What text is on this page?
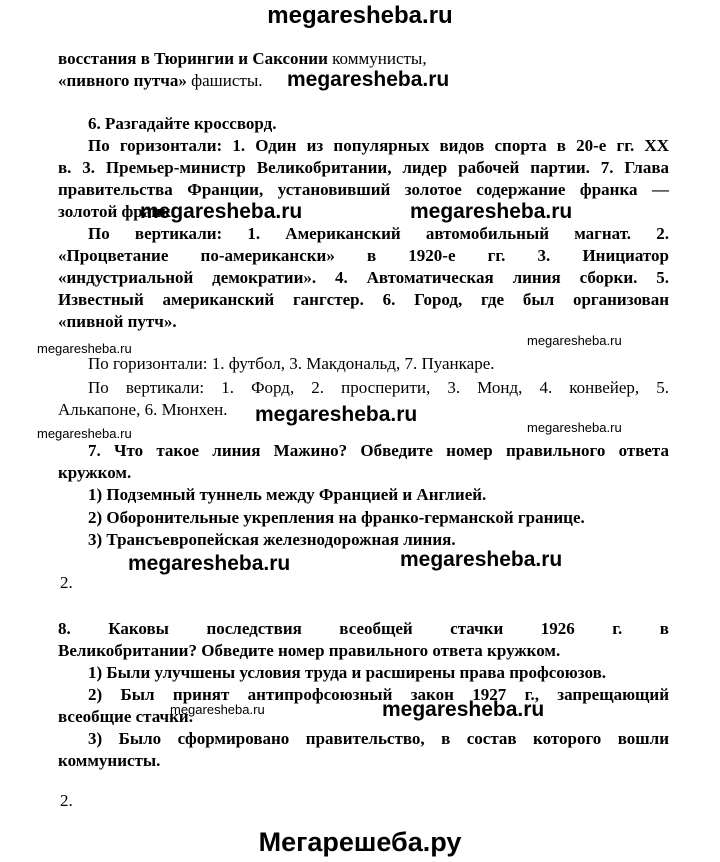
megaresheba.ru
восстания в Тюрингии и Саксонии коммунисты,
«пивного путча» фашисты. megaresheba.ru
6. Разгадайте кроссворд.
По горизонтали: 1. Один из популярных видов спорта в 20-е гг. XX
в. 3. Премьер-министр Великобритании, лидер рабочей партии. 7. Глава
правительства Франции, установивший золотое содержание франка —
золотой франк.
megaresheba.ru	megaresheba.ru
По вертикали: 1. Американский автомобильный магнат. 2.
«Процветание по-американски» в 1920-е гг. 3. Инициатор
«индустриальной демократии». 4. Автоматическая линия сборки. 5.
Известный американский гангстер. 6. Город, где был организован
«пивной путч».
megaresheba.ru
megaresheba.ru
По горизонтали: 1. футбол, 3. Макдональд, 7. Пуанкаре.
По вертикали: 1. Форд, 2. просперити, 3. Монд, 4. конвейер, 5.
Алькапоне, 6. Мюнхен.	megaresheba.ru
megaresheba.ru	megaresheba.ru
7. Что такое линия Мажино? Обведите номер правильного ответа
кружком.
1) Подземный туннель между Францией и Англией.
2) Оборонительные укрепления на франко-германской границе.
3) Трансъевропейская железнодорожная линия.
megaresheba.ru	megaresheba.ru
2.
8. Каковы последствия всеобщей стачки 1926 г. в
Великобритании? Обведите номер правильного ответа кружком.
1) Были улучшены условия труда и расширены права профсоюзов.
2) Был принят антипрофсоюзный закон 1927 г., запрещающий
всеобщие стачки.
megaresheba.ru	megaresheba.ru
3) Было сформировано правительство, в состав которого вошли
коммунисты.
2.
Мегарешеба.ру
